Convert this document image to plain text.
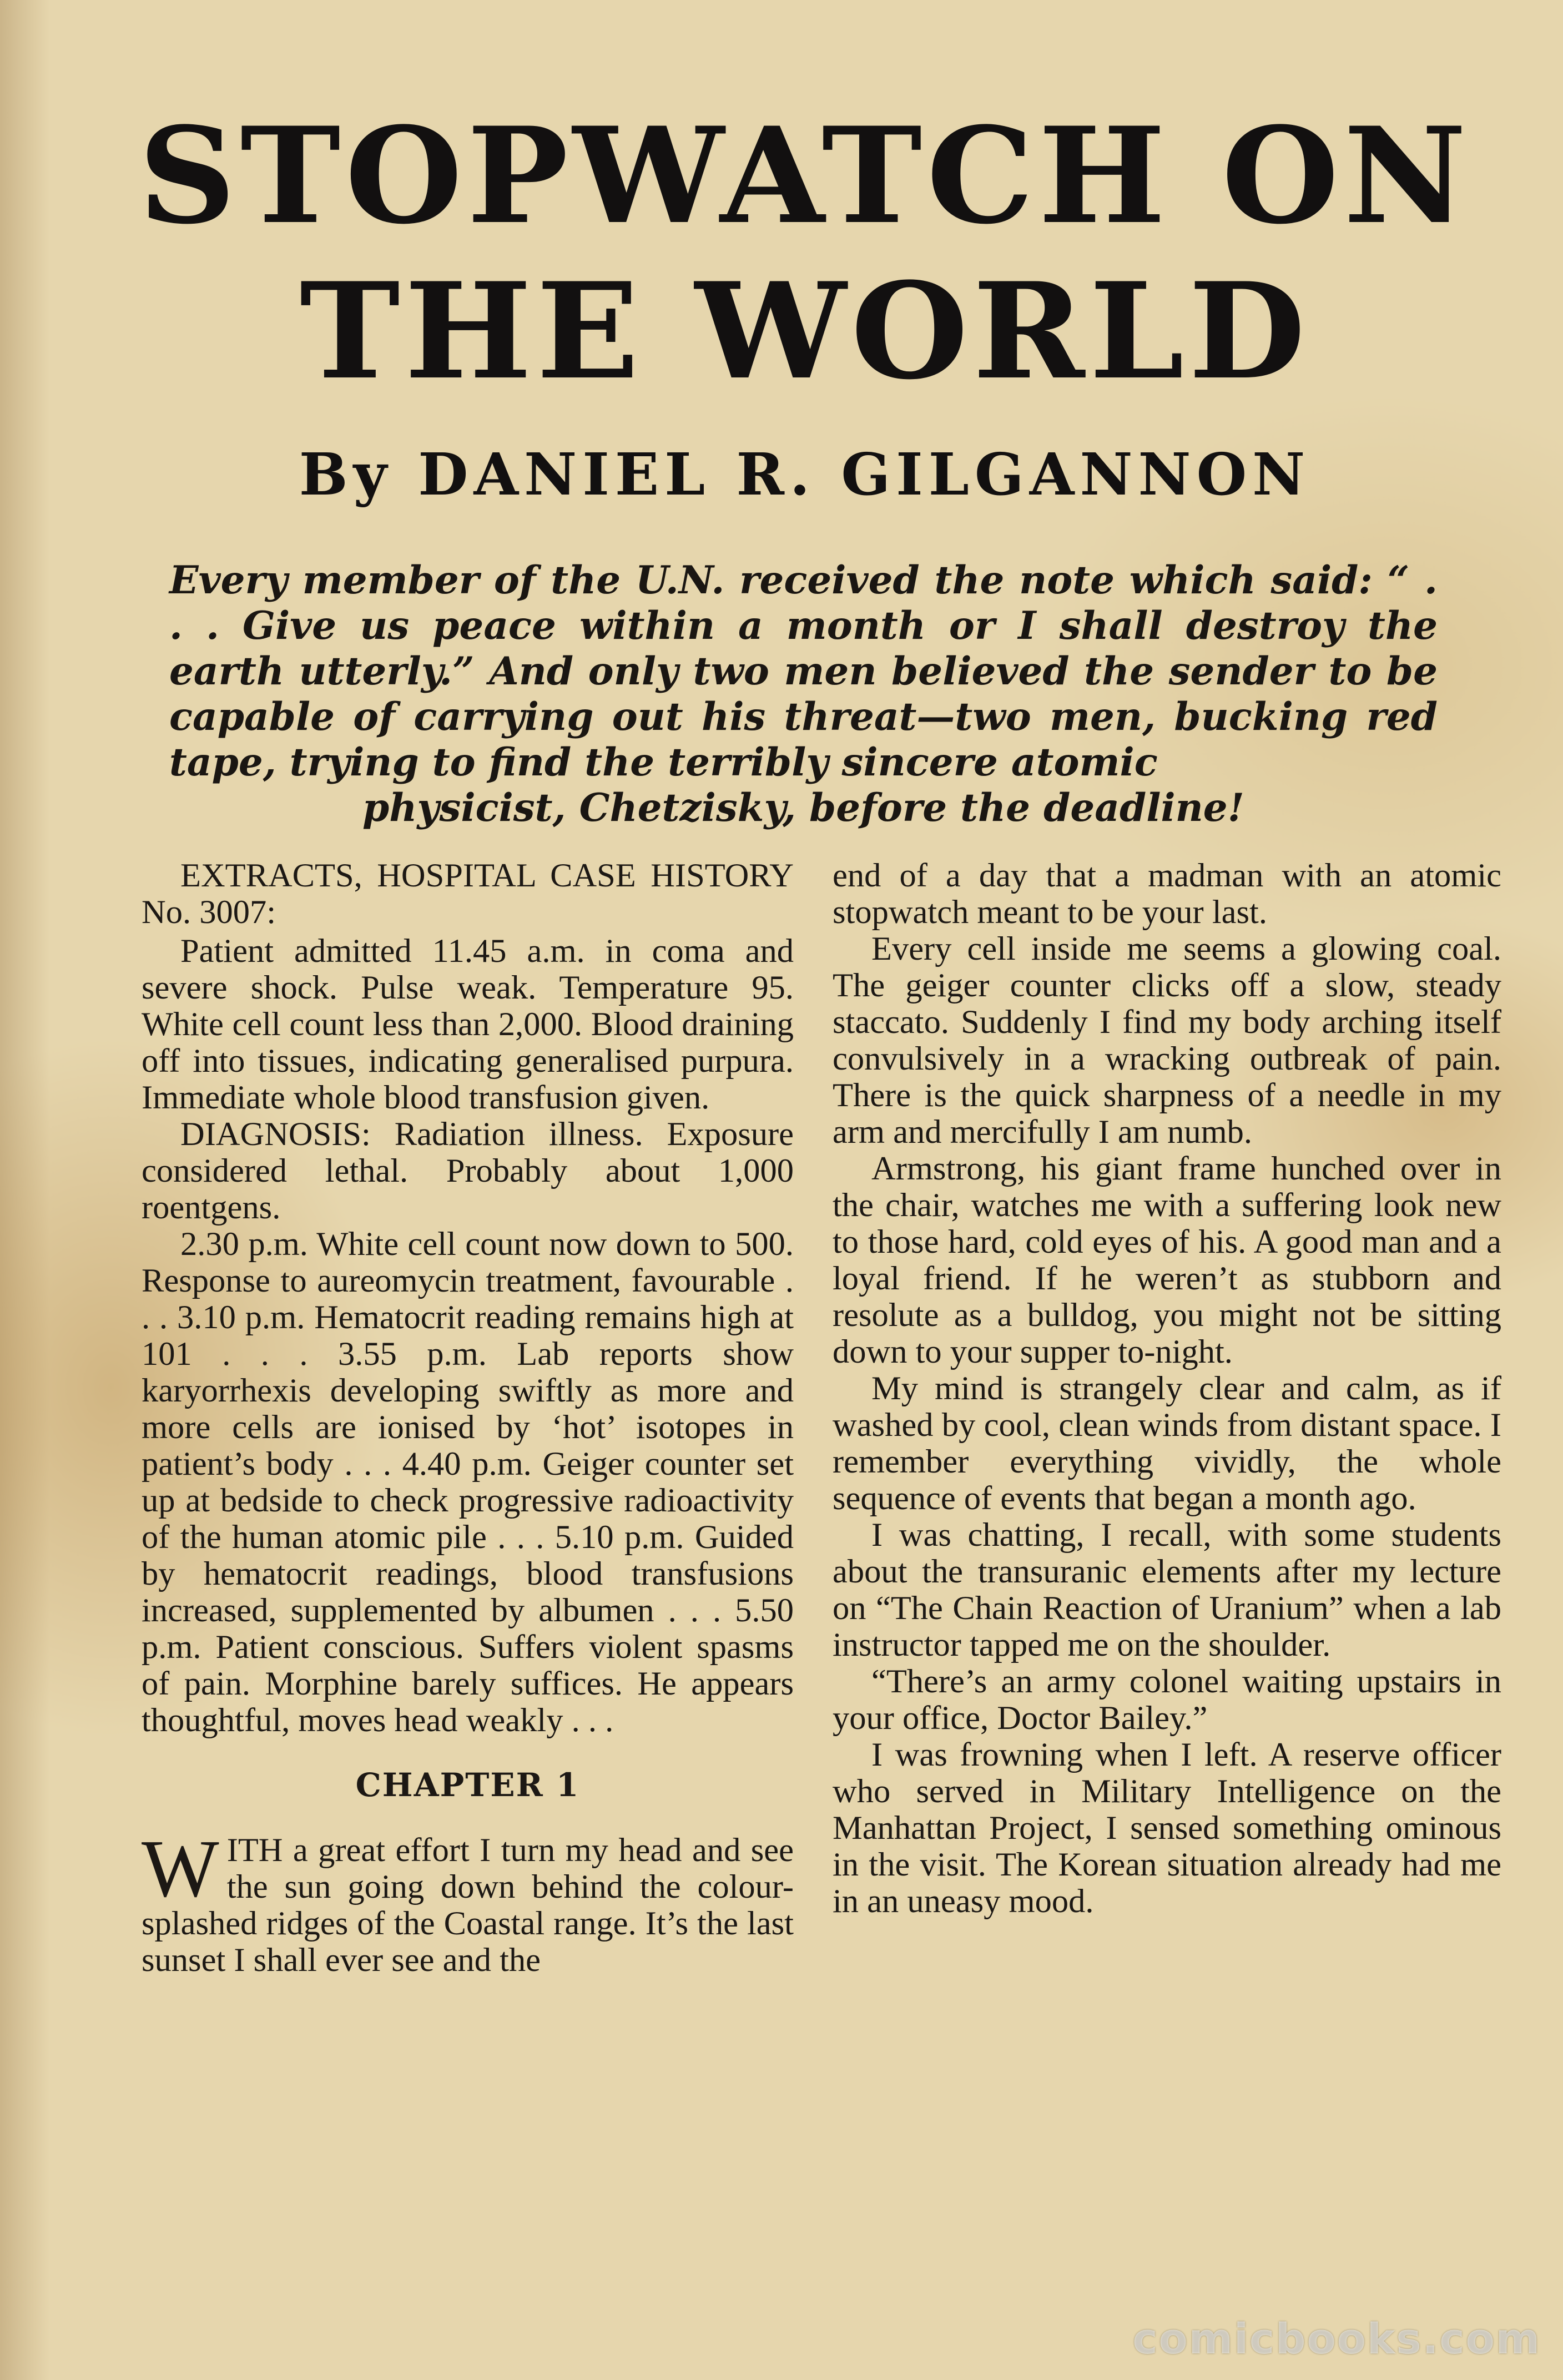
STOPWATCH ON
THE WORLD
By DANIEL R. GILGANNON
Every member of the U.N. received the note which said: “ . . . Give us peace within a month or I shall destroy the earth utterly.” And only two men believed the sender to be capable of carrying out his threat—two men, bucking red tape, trying to find the terribly sincere atomic
physicist, Chetzisky, before the deadline!

EXTRACTS, HOSPITAL CASE HISTORY No. 3007:

Patient admitted 11.45 a.m. in coma and severe shock. Pulse weak. Temperature 95. White cell count less than 2,000. Blood draining off into tissues, indicating generalised purpura. Immediate whole blood transfusion given.

DIAGNOSIS: Radiation illness. Exposure considered lethal. Probably about 1,000 roentgens.

2.30 p.m. White cell count now down to 500. Response to aureomycin treatment, favourable . . . 3.10 p.m. Hematocrit reading remains high at 101 . . . 3.55 p.m. Lab reports show karyorrhexis developing swiftly as more and more cells are ionised by ‘hot’ isotopes in patient’s body . . . 4.40 p.m. Geiger counter set up at bedside to check progressive radioactivity of the human atomic pile . . . 5.10 p.m. Guided by hematocrit readings, blood transfusions increased, supplemented by albumen . . . 5.50 p.m. Patient conscious. Suffers violent spasms of pain. Morphine barely suffices. He appears thoughtful, moves head weakly . . .

CHAPTER 1

WITH a great effort I turn my head and see the sun going down behind the colour-splashed ridges of the Coastal range. It’s the last sunset I shall ever see and the

end of a day that a madman with an atomic stopwatch meant to be your last.

Every cell inside me seems a glowing coal. The geiger counter clicks off a slow, steady staccato. Suddenly I find my body arching itself convulsively in a wracking outbreak of pain. There is the quick sharpness of a needle in my arm and mercifully I am numb.

Armstrong, his giant frame hunched over in the chair, watches me with a suffering look new to those hard, cold eyes of his. A good man and a loyal friend. If he weren’t as stubborn and resolute as a bulldog, you might not be sitting down to your supper to-night.

My mind is strangely clear and calm, as if washed by cool, clean winds from distant space. I remember everything vividly, the whole sequence of events that began a month ago.

I was chatting, I recall, with some students about the transuranic elements after my lecture on “The Chain Reaction of Uranium” when a lab instructor tapped me on the shoulder.

“There’s an army colonel waiting upstairs in your office, Doctor Bailey.”

I was frowning when I left. A reserve officer who served in Military Intelligence on the Manhattan Project, I sensed something ominous in the visit. The Korean situation already had me in an uneasy mood.

comicbooks.com
